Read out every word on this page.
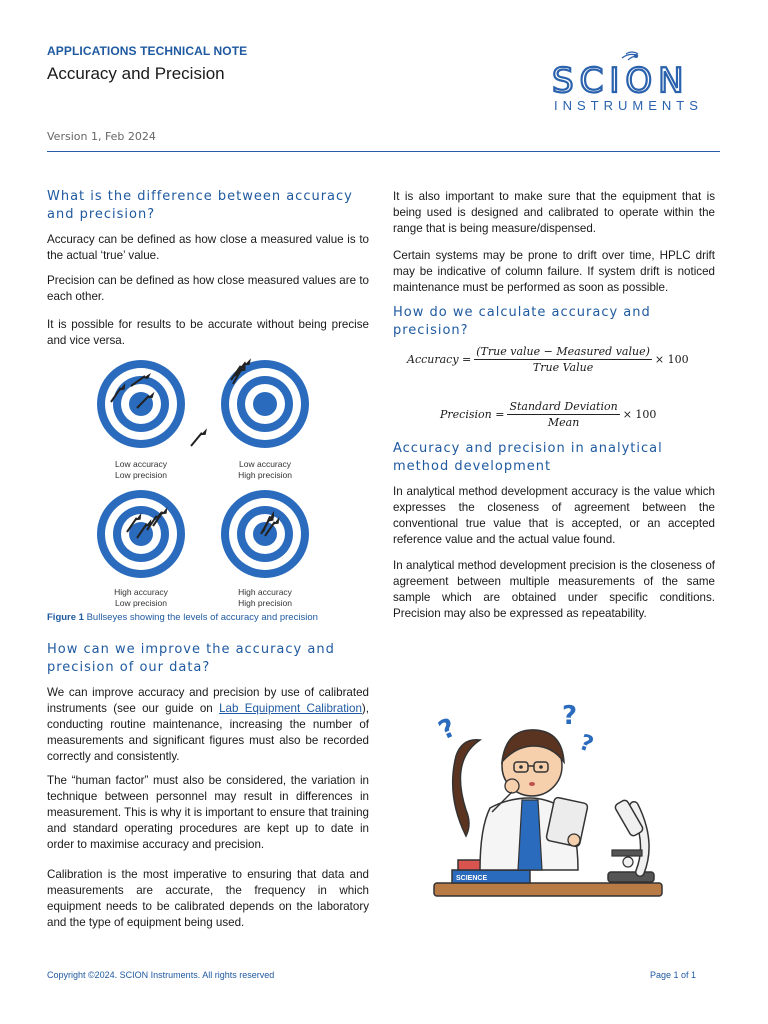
APPLICATIONS TECHNICAL NOTE
Accuracy and Precision	SCION
INSTRUMENTS
Version 1, Feb 2024
What is the difference between accuracy and precision?

Accuracy can be defined as how close a measured value is to the actual ‘true’ value.

Precision can be defined as how close measured values are to each other.

It is possible for results to be accurate without being precise and vice versa.

Low accuracy
Low precision
Low accuracy
High precision
High accuracy
Low precision
High accuracy
High precision
Figure 1 Bullseyes showing the levels of accuracy and precision
How can we improve the accuracy and precision of our data?

We can improve accuracy and precision by use of calibrated instruments (see our guide on Lab Equipment Calibration), conducting routine maintenance, increasing the number of measurements and significant figures must also be recorded correctly and consistently.

The “human factor” must also be considered, the variation in technique between personnel may result in differences in measurement. This is why it is important to ensure that training and standard operating procedures are kept up to date in order to maximise accuracy and precision.

Calibration is the most imperative to ensuring that data and measurements are accurate, the frequency in which equipment needs to be calibrated depends on the laboratory and the type of equipment being used.

It is also important to make sure that the equipment that is being used is designed and calibrated to operate within the range that is being measure/dispensed.

Certain systems may be prone to drift over time, HPLC drift may be indicative of column failure. If system drift is noticed maintenance must be performed as soon as possible.

How do we calculate accuracy and precision?
Accuracy = $\frac{\text{(True value − Measured value)}}{\text{True Value}} \times 100$
Precision = $\frac{\text{Standard Deviation}}{\text{Mean}} \times 100$
Accuracy and precision in analytical method development

In analytical method development accuracy is the value which expresses the closeness of agreement between the conventional true value that is accepted, or an accepted reference value and the actual value found.

In analytical method development precision is the closeness of agreement between multiple measurements of the same sample which are obtained under specific conditions. Precision may also be expressed as repeatability.

?	?
?
SCIENCE
Copyright ©2024. SCION Instruments. All rights reserved	Page 1 of 1
